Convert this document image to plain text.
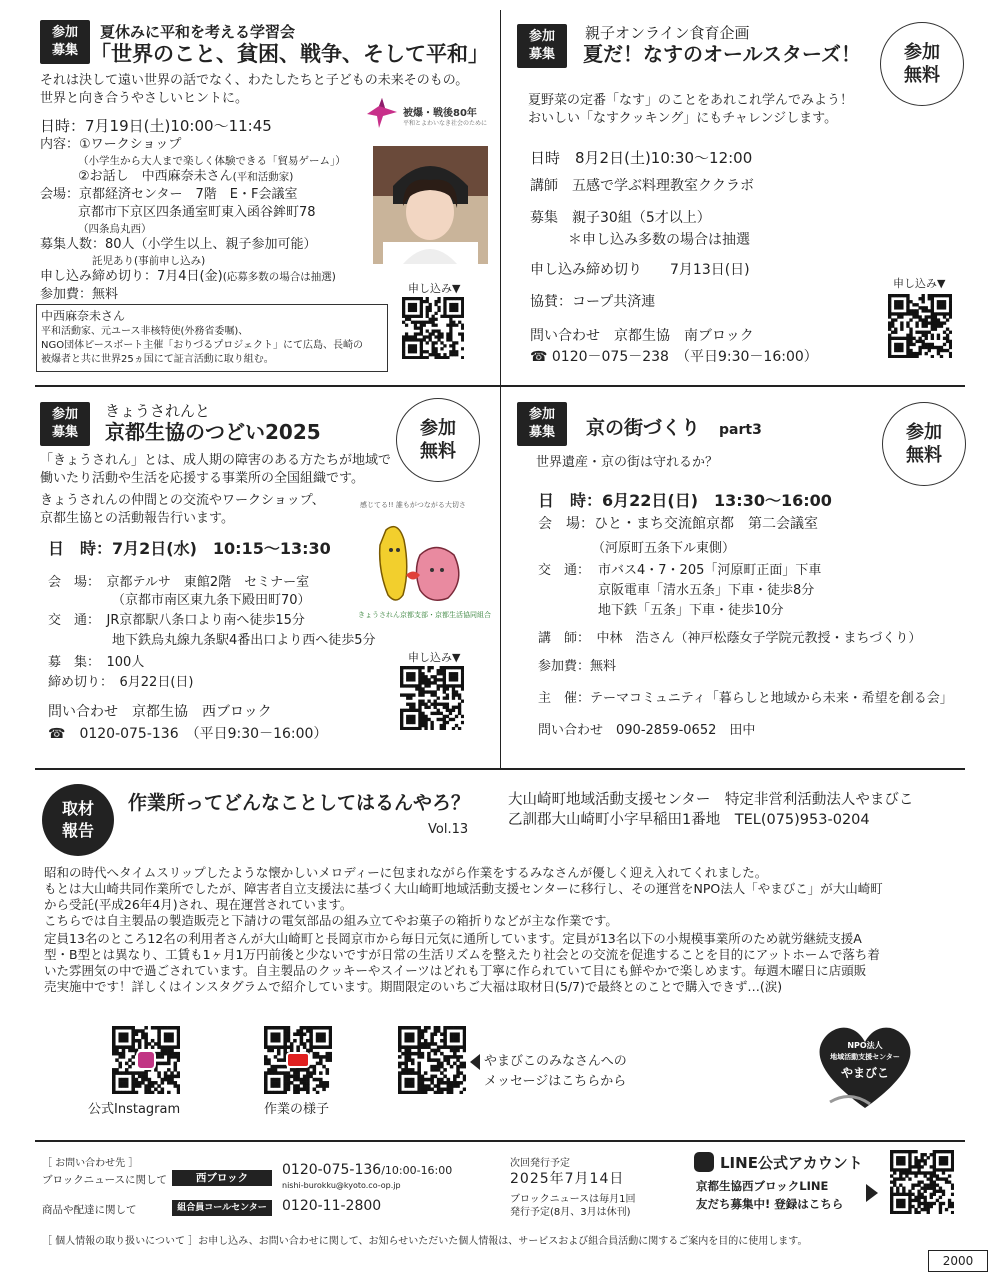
参加
募集
夏休みに平和を考える学習会
「世界のこと、貧困、戦争、そして平和」
それは決して遠い世界の話でなく、わたしたちと子どもの未来そのもの。
世界と向き合うやさしいヒントに。
被爆・戦後80年
平和とよわいなき社会のために
日時：7月19日(土)10:00～11:45
内容：①ワークショップ
（小学生から大人まで楽しく体験できる「貿易ゲーム」）
②お話し　中西麻奈未さん(平和活動家)
会場：京都経済センター　7階　E・F会議室
京都市下京区四条通室町東入函谷鉾町78
（四条烏丸西）
募集人数：80人（小学生以上、親子参加可能）
託児あり(事前申し込み)
申し込み締め切り：7月4日(金)(応募多数の場合は抽選)
参加費：無料	申し込み▼
中西麻奈未さん
平和活動家、元ユース非核特使(外務省委嘱)、
NGO団体ピースボート主催「おりづるプロジェクト」にて広島、長崎の
被爆者と共に世界25ヵ国にて証言活動に取り組む。
参加
募集
親子オンライン食育企画
夏だ！なすのオールスターズ！	参加
無料
夏野菜の定番「なす」のことをあれこれ学んでみよう！
おいしい「なすクッキング」にもチャレンジします。
日時　8月2日(土)10:30～12:00
講師　五感で学ぶ料理教室ククラボ
募集　親子30組（5才以上）
＊申し込み多数の場合は抽選
申し込み締め切り　　7月13日(日)
申し込み▼
協賛：コープ共済連
問い合わせ　京都生協　南ブロック
☎ 0120－075－238　 （平日9:30－16:00）
参加
募集
きょうされんと
京都生協のつどい2025	参加
無料
「きょうされん」とは、成人期の障害のある方たちが地域で
働いたり活動や生活を応援する事業所の全国組織です。
きょうされんの仲間との交流やワークショップ、
京都生協との活動報告行います。
感じてる!! 誰もがつながる大切さ
きょうされん京都支部・京都生活協同組合
日　時：7月2日(水)　10:15～13:30
会　場：　京都テルサ　東館2階　セミナー室
（京都市南区東九条下殿田町70）
交　通：　JR京都駅八条口より南へ徒歩15分
地下鉄烏丸線九条駅4番出口より西へ徒歩5分
募　集：　100人
締め切り：　6月22日(日)
申し込み▼
問い合わせ　京都生協　西ブロック
☎　0120-075-136　 （平日9:30－16:00）
参加
募集	京の街づくり　 part3	参加
無料
世界遺産・京の街は守れるか？
日　時：6月22日(日)　13:30～16:00
会　場：ひと・まち交流館京都　第二会議室
（河原町五条下ル東側）
交　通： 市バス4・7・205「河原町正面」下車
京阪電車「清水五条」下車・徒歩8分
地下鉄「五条」下車・徒歩10分
講　師：　中林　浩さん（神戸松蔭女子学院元教授・まちづくり）
参加費：無料
主　催：テーマコミュニティ「暮らしと地域から未来・希望を創る会」
問い合わせ　090-2859-0652　田中
取材
報告
作業所ってどんなことしてはるんやろ？
Vol.13
大山崎町地域活動支援センター　特定非営利活動法人やまびこ
乙訓郡大山崎町小字早稲田1番地　TEL(075)953-0204
昭和の時代へタイムスリップしたような懐かしいメロディーに包まれながら作業をするみなさんが優しく迎え入れてくれました。
もとは大山崎共同作業所でしたが、障害者自立支援法に基づく大山崎町地域活動支援センターに移行し、その運営をNPO法人「やまびこ」が大山崎町
から受託(平成26年4月)され、現在運営されています。
こちらでは自主製品の製造販売と下請けの電気部品の組み立てやお菓子の箱折りなどが主な作業です。
定員13名のところ12名の利用者さんが大山崎町と長岡京市から毎日元気に通所しています。定員が13名以下の小規模事業所のため就労継続支援A
型・B型とは異なり、工賃も1ヶ月1万円前後と少ないですが日常の生活リズムを整えたり社会との交流を促進することを目的にアットホームで落ち着
いた雰囲気の中で過ごされています。自主製品のクッキーやスイーツはどれも丁寧に作られていて目にも鮮やかで楽しめます。毎週木曜日に店頭販
売実施中です！詳しくはインスタグラムで紹介しています。期間限定のいちご大福は取材日(5/7)で最終とのことで購入できず…(涙)
公式Instagram	作業の様子
やまびこのみなさんへの
メッセージはこちらから
NPO法人
地域活動支援センター
やまびこ
［ お問い合わせ先 ］
ブロックニュースに関して	西ブロック	0120-075-136/10:00-16:00
nishi-burokku@kyoto.co-op.jp
商品や配達に関して	組合員コールセンター	0120-11-2800
次回発行予定
2025年7月14日
ブロックニュースは毎月1回
発行予定(8月、3月は休刊)
LINE公式アカウント
京都生協西ブロックLINE
友だち募集中! 登録はこちら
［ 個人情報の取り扱いについて ］お申し込み、お問い合わせに関して、お知らせいただいた個人情報は、サービスおよび組合員活動に関するご案内を目的に使用します。
2000
